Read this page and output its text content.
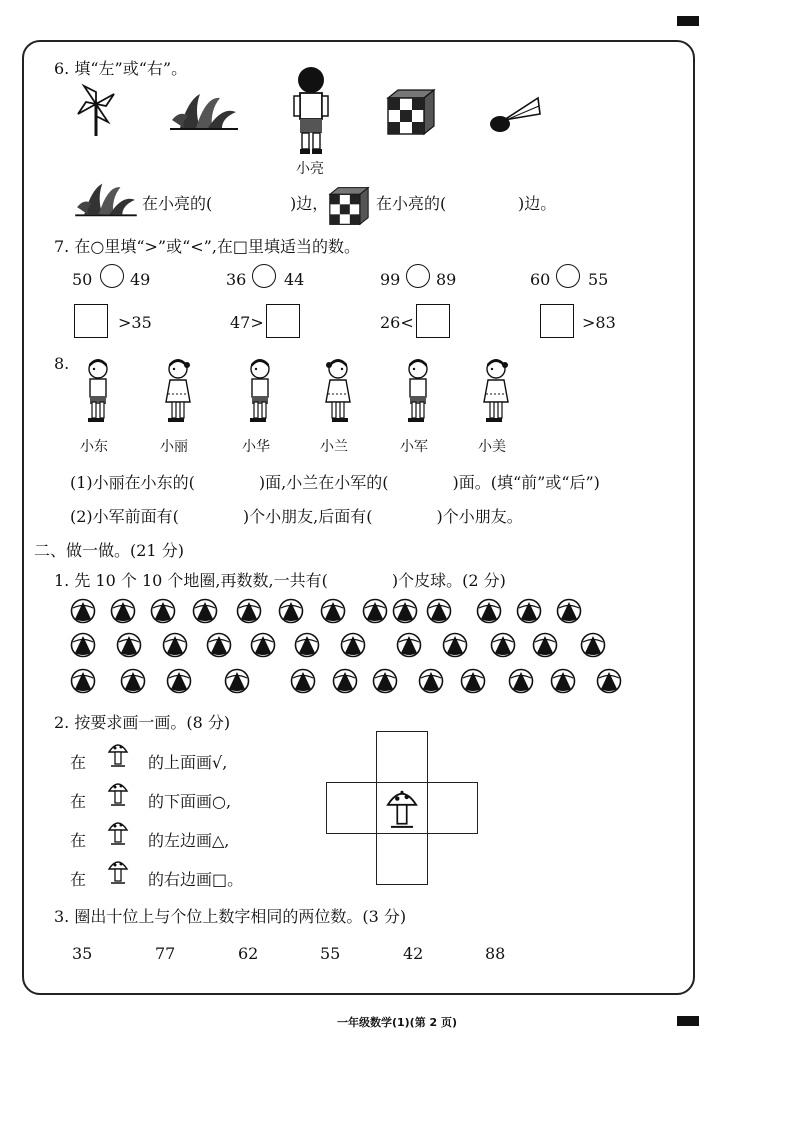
6. 填“左”或“右”。
小亮
在小亮的(	)边，	在小亮的(	)边。
7. 在○里填“>”或“<”,在□里填适当的数。
50 49	36 44	99 89	60 55
>35	47>	26<	>83
8.
小东	小丽	小华	小兰	小军	小美
(1)小丽在小东的(　　　　)面,小兰在小军的(　　　　)面。(填“前”或“后”)
(2)小军前面有(　　　　)个小朋友,后面有(　　　　)个小朋友。
二、做一做。(21 分)
1. 先 10 个 10 个地圈,再数数,一共有(　　　　)个皮球。(2 分)
2. 按要求画一画。(8 分)
在	的上面画√,
在	的下面画○,
在	的左边画△,
在	的右边画□。
3. 圈出十位上与个位上数字相同的两位数。(3 分)
35	77	62	55	42	88
一年级数学(1)(第 2 页)
